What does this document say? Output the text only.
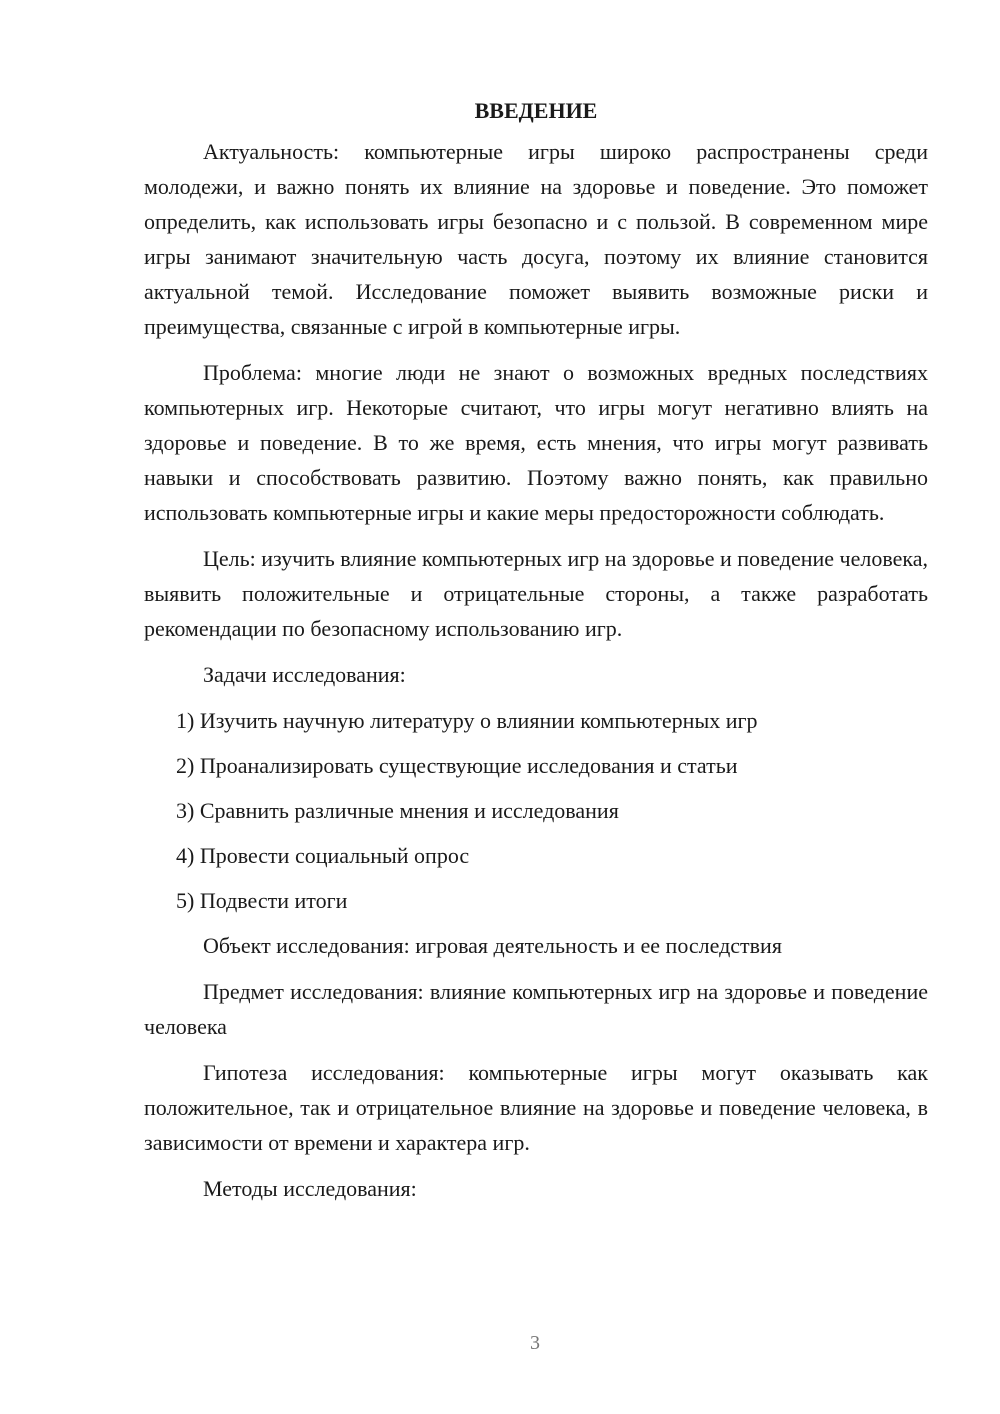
ВВЕДЕНИЕ

Актуальность: компьютерные игры широко распространены среди молодежи, и важно понять их влияние на здоровье и поведение. Это поможет определить, как использовать игры безопасно и с пользой. В современном мире игры занимают значительную часть досуга, поэтому их влияние становится актуальной темой. Исследование поможет выявить возможные риски и преимущества, связанные с игрой в компьютерные игры.

Проблема: многие люди не знают о возможных вредных последствиях компьютерных игр. Некоторые считают, что игры могут негативно влиять на здоровье и поведение. В то же время, есть мнения, что игры могут развивать навыки и способствовать развитию. Поэтому важно понять, как правильно использовать компьютерные игры и какие меры предосторожности соблюдать.

Цель: изучить влияние компьютерных игр на здоровье и поведение человека, выявить положительные и отрицательные стороны, а также разработать рекомендации по безопасному использованию игр.

Задачи исследования:

1) Изучить научную литературу о влиянии компьютерных игр
2) Проанализировать существующие исследования и статьи
3) Сравнить различные мнения и исследования
4) Провести социальный опрос
5) Подвести итоги

Объект исследования: игровая деятельность и ее последствия

Предмет исследования: влияние компьютерных игр на здоровье и поведение человека

Гипотеза исследования: компьютерные игры могут оказывать как положительное, так и отрицательное влияние на здоровье и поведение человека, в зависимости от времени и характера игр.

Методы исследования:

3
